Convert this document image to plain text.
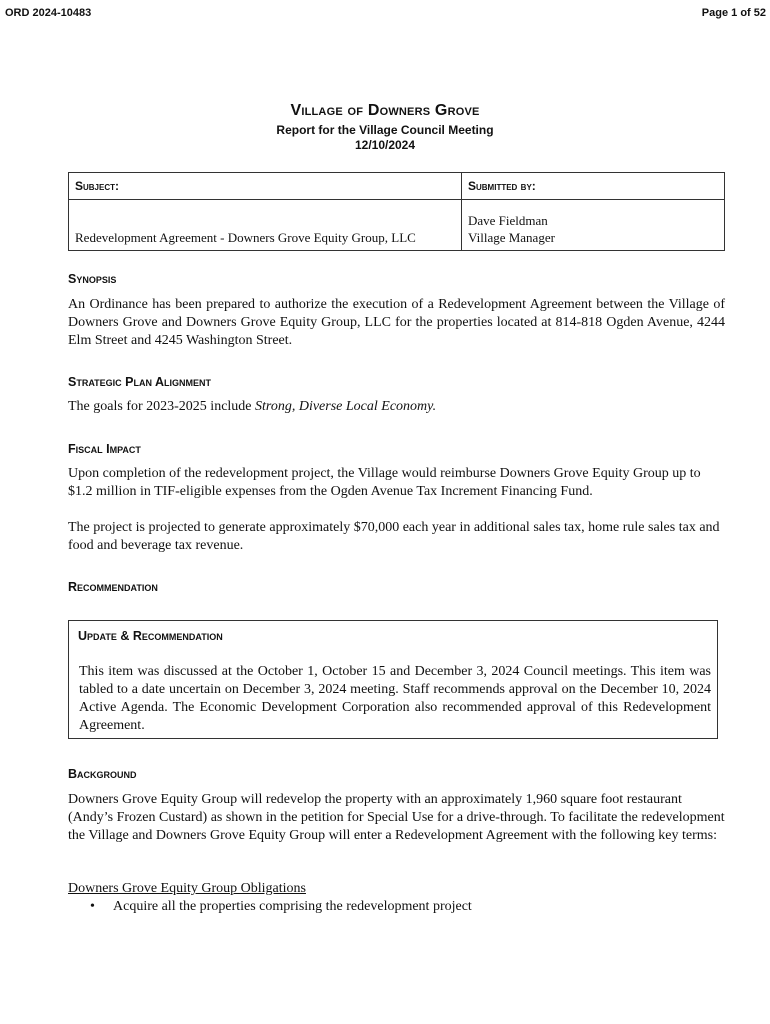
ORD 2024-10483	Page 1 of 52
Village of Downers Grove
Report for the Village Council Meeting
12/10/2024
Subject:	Submitted by:
Redevelopment Agreement - Downers Grove Equity Group, LLC	Dave Fieldman
Village Manager
Synopsis
An Ordinance has been prepared to authorize the execution of a Redevelopment Agreement between the Village of Downers Grove and Downers Grove Equity Group, LLC for the properties located at 814-818 Ogden Avenue, 4244 Elm Street and 4245 Washington Street.
Strategic Plan Alignment
The goals for 2023-2025 include Strong, Diverse Local Economy.
Fiscal Impact
Upon completion of the redevelopment project, the Village would reimburse Downers Grove Equity Group up to $1.2 million in TIF-eligible expenses from the Ogden Avenue Tax Increment Financing Fund.
The project is projected to generate approximately $70,000 each year in additional sales tax, home rule sales tax and food and beverage tax revenue.
Recommendation
Update & Recommendation
This item was discussed at the October 1, October 15 and December 3, 2024 Council meetings. This item was tabled to a date uncertain on December 3, 2024 meeting. Staff recommends approval on the December 10, 2024 Active Agenda. The Economic Development Corporation also recommended approval of this Redevelopment Agreement.
Background
Downers Grove Equity Group will redevelop the property with an approximately 1,960 square foot restaurant (Andy’s Frozen Custard) as shown in the petition for Special Use for a drive-through. To facilitate the redevelopment the Village and Downers Grove Equity Group will enter a Redevelopment Agreement with the following key terms:
Downers Grove Equity Group Obligations
• Acquire all the properties comprising the redevelopment project
